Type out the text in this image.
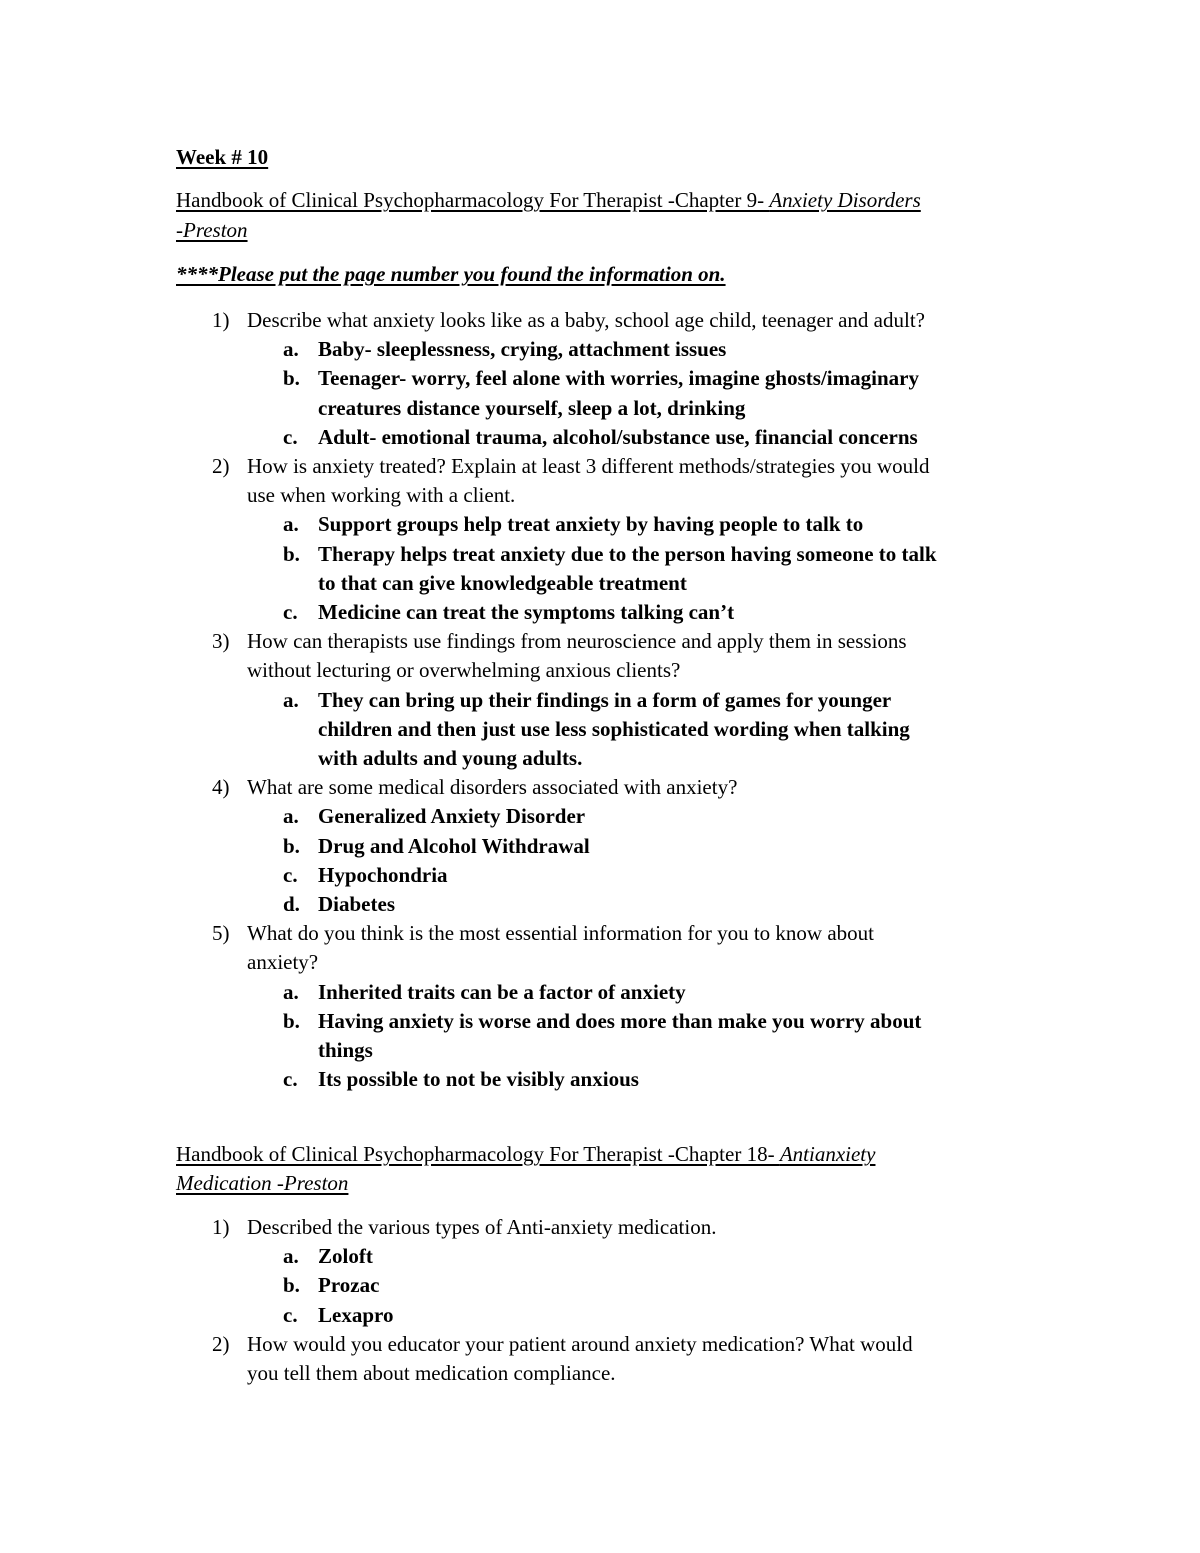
Week # 10
Handbook of Clinical Psychopharmacology For Therapist -Chapter 9- Anxiety Disorders
-Preston
****Please put the page number you found the information on.
1) Describe what anxiety looks like as a baby, school age child, teenager and adult?
a. Baby- sleeplessness, crying, attachment issues
b. Teenager- worry, feel alone with worries, imagine ghosts/imaginary
creatures distance yourself, sleep a lot, drinking
c. Adult- emotional trauma, alcohol/substance use, financial concerns
2) How is anxiety treated? Explain at least 3 different methods/strategies you would
use when working with a client.
a. Support groups help treat anxiety by having people to talk to
b. Therapy helps treat anxiety due to the person having someone to talk
to that can give knowledgeable treatment
c. Medicine can treat the symptoms talking can’t
3) How can therapists use findings from neuroscience and apply them in sessions
without lecturing or overwhelming anxious clients?
a. They can bring up their findings in a form of games for younger
children and then just use less sophisticated wording when talking
with adults and young adults.
4) What are some medical disorders associated with anxiety?
a. Generalized Anxiety Disorder
b. Drug and Alcohol Withdrawal
c. Hypochondria
d. Diabetes
5) What do you think is the most essential information for you to know about
anxiety?
a. Inherited traits can be a factor of anxiety
b. Having anxiety is worse and does more than make you worry about
things
c. Its possible to not be visibly anxious
Handbook of Clinical Psychopharmacology For Therapist -Chapter 18- Antianxiety
Medication -Preston
1) Described the various types of Anti-anxiety medication.
a. Zoloft
b. Prozac
c. Lexapro
2) How would you educator your patient around anxiety medication? What would
you tell them about medication compliance.
